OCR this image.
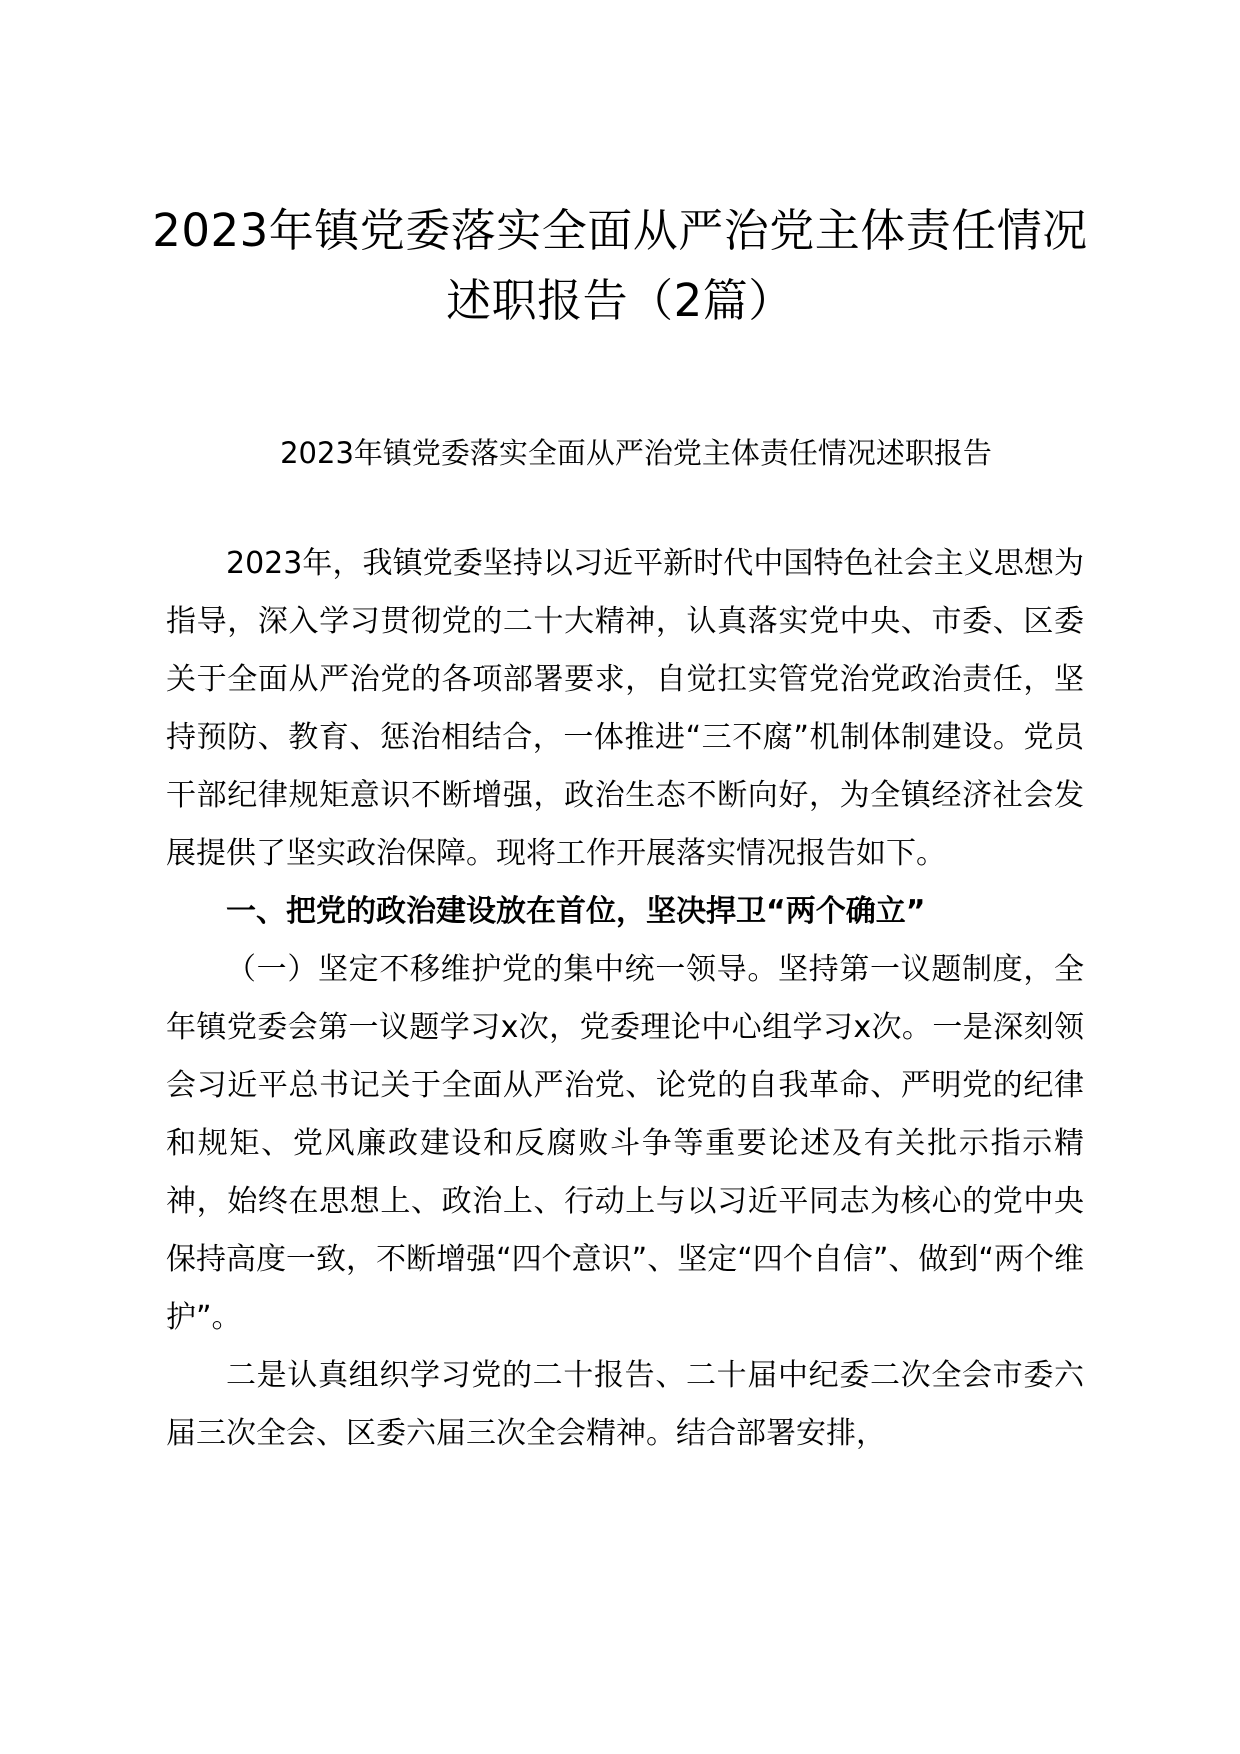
2023年镇党委落实全面从严治党主体责任情况述职报告（2篇）

2023年镇党委落实全面从严治党主体责任情况述职报告

2023年，我镇党委坚持以习近平新时代中国特色社会主义思想为指导，深入学习贯彻党的二十大精神，认真落实党中央、市委、区委关于全面从严治党的各项部署要求，自觉扛实管党治党政治责任，坚持预防、教育、惩治相结合，一体推进“三不腐”机制体制建设。党员干部纪律规矩意识不断增强，政治生态不断向好，为全镇经济社会发展提供了坚实政治保障。现将工作开展落实情况报告如下。

一、把党的政治建设放在首位，坚决捍卫“两个确立”

（一）坚定不移维护党的集中统一领导。坚持第一议题制度，全年镇党委会第一议题学习x次，党委理论中心组学习x次。一是深刻领会习近平总书记关于全面从严治党、论党的自我革命、严明党的纪律和规矩、党风廉政建设和反腐败斗争等重要论述及有关批示指示精神，始终在思想上、政治上、行动上与以习近平同志为核心的党中央保持高度一致，不断增强“四个意识”、坚定“四个自信”、做到“两个维护”。

二是认真组织学习党的二十报告、二十届中纪委二次全会市委六届三次全会、区委六届三次全会精神。结合部署安排，
